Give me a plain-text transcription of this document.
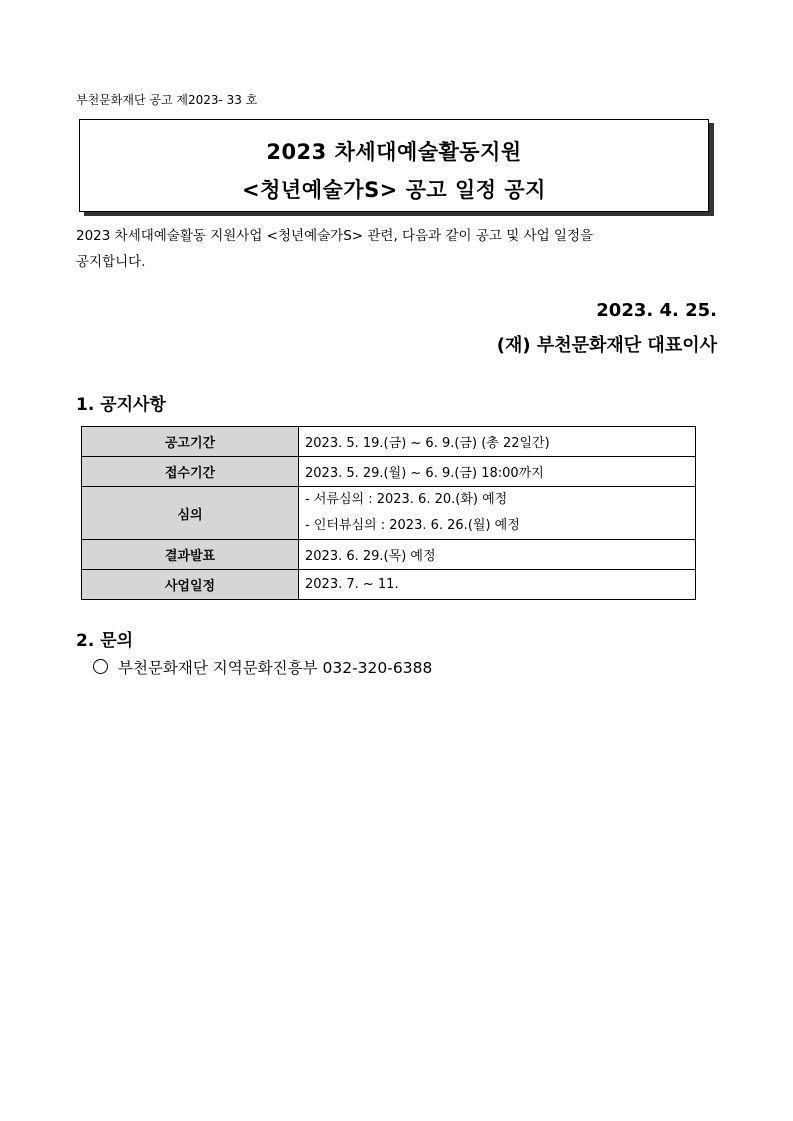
부천문화재단 공고 제2023- 33 호
2023 차세대예술활동지원
<청년예술가S> 공고 일정 공지
2023 차세대예술활동 지원사업 <청년예술가S> 관련, 다음과 같이 공고 및 사업 일정을
공지합니다.
2023. 4. 25.
(재) 부천문화재단 대표이사
1. 공지사항
공고기간	2023. 5. 19.(금) ~ 6. 9.(금) (총 22일간)
접수기간	2023. 5. 29.(월) ~ 6. 9.(금) 18:00까지
심의	- 서류심의 : 2023. 6. 20.(화) 예정
- 인터뷰심의 : 2023. 6. 26.(월) 예정

결과발표	2023. 6. 29.(목) 예정
사업일정	2023. 7. ~ 11.
2. 문의
부천문화재단 지역문화진흥부 032-320-6388
